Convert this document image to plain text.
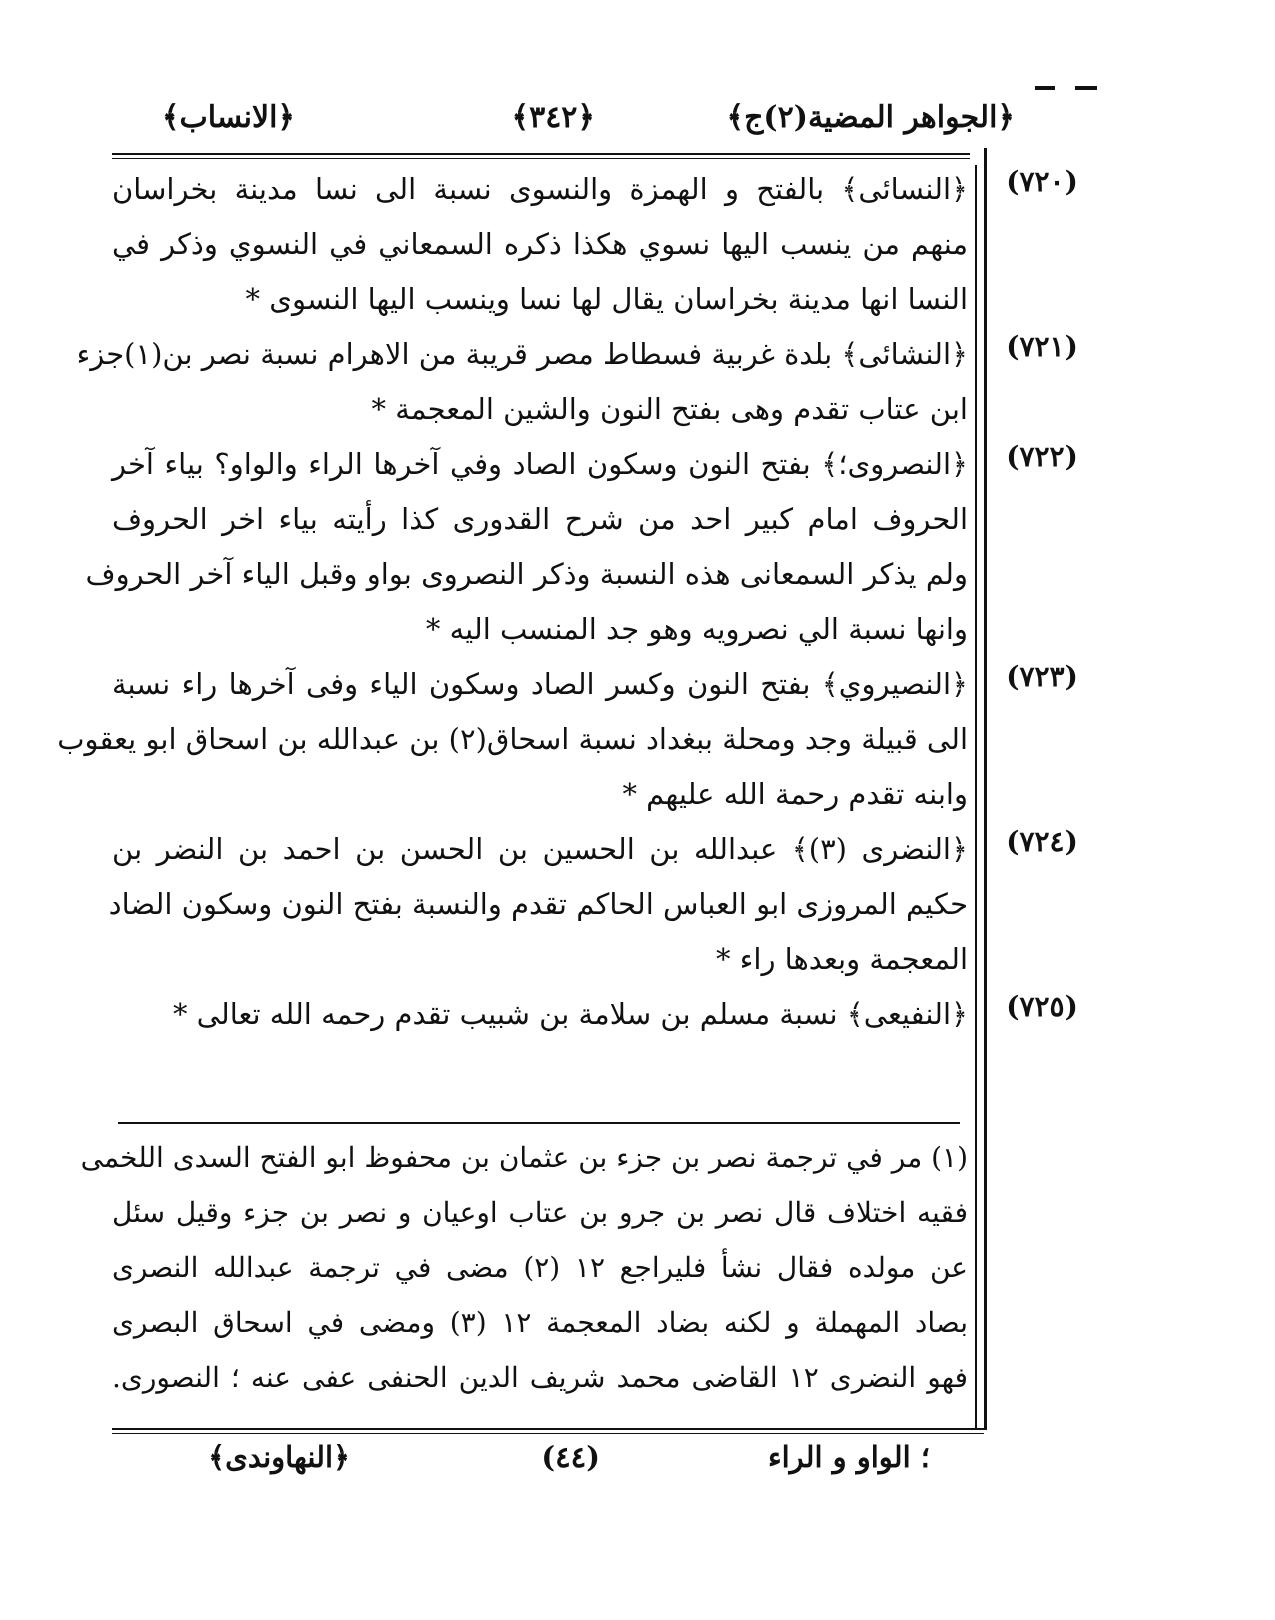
﴿الجواهر المضية(٢)ج﴾
﴿٣٤٢﴾
﴿الانساب﴾
﴿النسائى﴾ بالفتح و الهمزة والنسوى نسبة الى نسا مدينة بخراسان
منهم من ينسب اليها نسوي هكذا ذكره السمعاني في النسوي وذكر في
النسا انها مدينة بخراسان يقال لها نسا وينسب اليها النسوى *
﴿النشائى﴾ بلدة غربية فسطاط مصر قريبة من الاهرام نسبة نصر بن(١)جزء
ابن عتاب تقدم وهى بفتح النون والشين المعجمة *
﴿النصروى؛﴾ بفتح النون وسكون الصاد وفي آخرها الراء والواو؟ بياء آخر
الحروف امام كبير احد من شرح القدورى كذا رأيته بياء اخر الحروف
ولم يذكر السمعانى هذه النسبة وذكر النصروى بواو وقبل الياء آخر الحروف
وانها نسبة الي نصرويه وهو جد المنسب اليه *
﴿النصيروي﴾ بفتح النون وكسر الصاد وسكون الياء وفى آخرها راء نسبة
الى قبيلة وجد ومحلة ببغداد نسبة اسحاق(٢) بن عبدالله بن اسحاق ابو يعقوب
وابنه تقدم رحمة الله عليهم *
﴿النضرى (٣)﴾ عبدالله بن الحسين بن الحسن بن احمد بن النضر بن
حكيم المروزى ابو العباس الحاكم تقدم والنسبة بفتح النون وسكون الضاد
المعجمة وبعدها راء *
﴿النفيعى﴾ نسبة مسلم بن سلامة بن شبيب تقدم رحمه الله تعالى *
(٧٢٠)
(٧٢١)
(٧٢٢)
(٧٢٣)
(٧٢٤)
(٧٢٥)
(١) مر في ترجمة نصر بن جزء بن عثمان بن محفوظ ابو الفتح السدى اللخمى
فقيه اختلاف قال نصر بن جرو بن عتاب اوعيان و نصر بن جزء وقيل سئل
عن مولده فقال نشأ فليراجع ١٢ (٢) مضى في ترجمة عبدالله النصرى
بصاد المهملة و لكنه بضاد المعجمة ١٢ (٣) ومضى في اسحاق البصرى
فهو النضرى ١٢ القاضى محمد شريف الدين الحنفى عفى عنه ؛ النصورى.
؛ الواو و الراء
(٤٤)
﴿النهاوندى﴾
